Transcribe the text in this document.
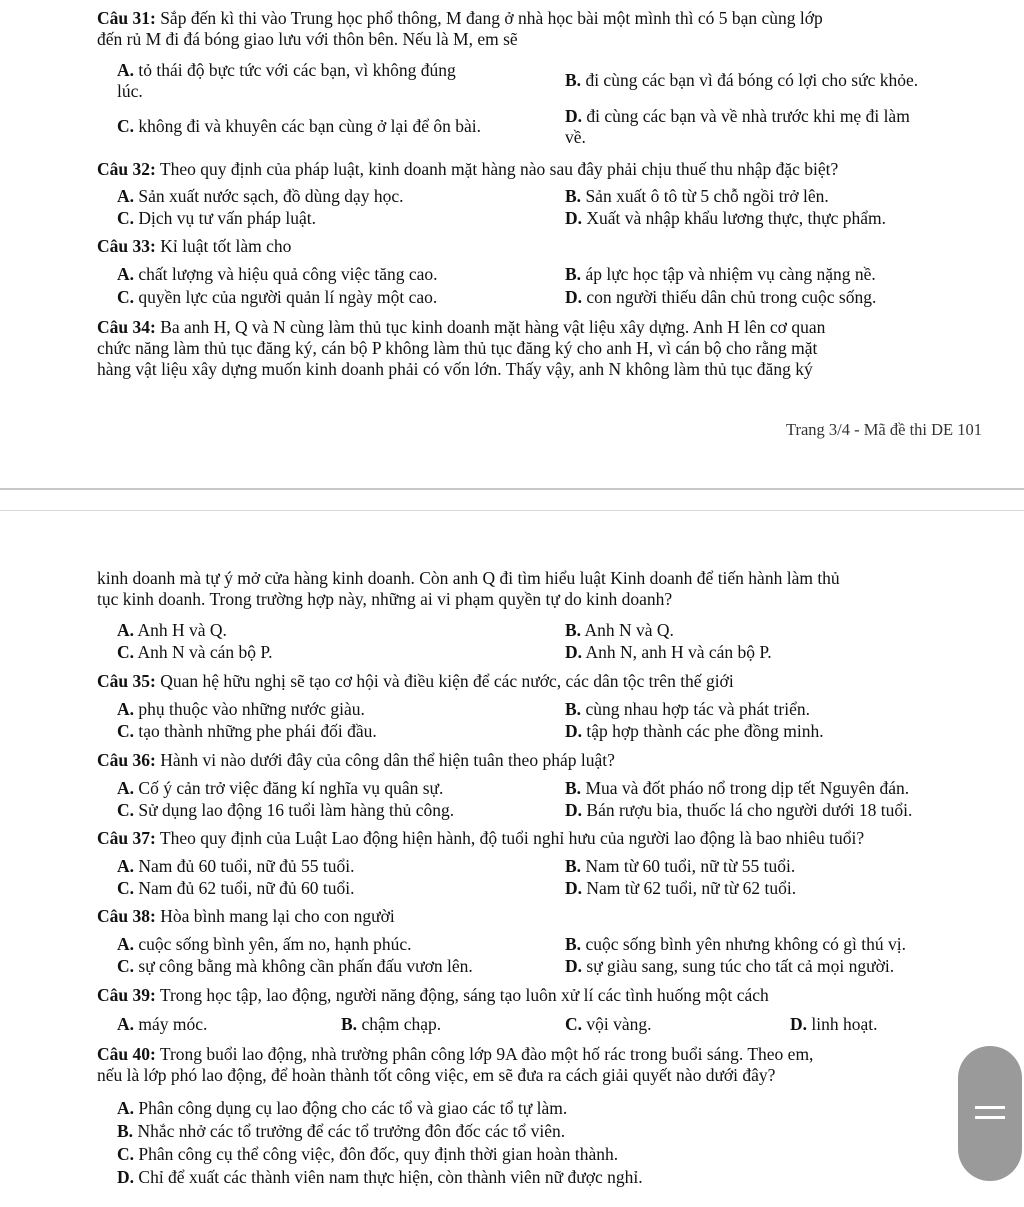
Câu 31: Sắp đến kì thi vào Trung học phổ thông, M đang ở nhà học bài một mình thì có 5 bạn cùng lớp
đến rủ M đi đá bóng giao lưu với thôn bên. Nếu là M, em sẽ
A. tỏ thái độ bực tức với các bạn, vì không đúng
lúc.
B. đi cùng các bạn vì đá bóng có lợi cho sức khỏe.
C. không đi và khuyên các bạn cùng ở lại để ôn bài.	D. đi cùng các bạn và về nhà trước khi mẹ đi làm
về.
Câu 32: Theo quy định của pháp luật, kinh doanh mặt hàng nào sau đây phải chịu thuế thu nhập đặc biệt?
A. Sản xuất nước sạch, đồ dùng dạy học.	B. Sản xuất ô tô từ 5 chỗ ngồi trở lên.
C. Dịch vụ tư vấn pháp luật.	D. Xuất và nhập khẩu lương thực, thực phẩm.
Câu 33: Kỉ luật tốt làm cho
A. chất lượng và hiệu quả công việc tăng cao.	B. áp lực học tập và nhiệm vụ càng nặng nề.
C. quyền lực của người quản lí ngày một cao.	D. con người thiếu dân chủ trong cuộc sống.
Câu 34: Ba anh H, Q và N cùng làm thủ tục kinh doanh mặt hàng vật liệu xây dựng. Anh H lên cơ quan
chức năng làm thủ tục đăng ký, cán bộ P không làm thủ tục đăng ký cho anh H, vì cán bộ cho rằng mặt
hàng vật liệu xây dựng muốn kinh doanh phải có vốn lớn. Thấy vậy, anh N không làm thủ tục đăng ký
Trang 3/4 - Mã đề thi DE 101
kinh doanh mà tự ý mở cửa hàng kinh doanh. Còn anh Q đi tìm hiểu luật Kinh doanh để tiến hành làm thủ
tục kinh doanh. Trong trường hợp này, những ai vi phạm quyền tự do kinh doanh?
A. Anh H và Q.	B. Anh N và Q.
C. Anh N và cán bộ P.	D. Anh N, anh H và cán bộ P.
Câu 35: Quan hệ hữu nghị sẽ tạo cơ hội và điều kiện để các nước, các dân tộc trên thế giới
A. phụ thuộc vào những nước giàu.	B. cùng nhau hợp tác và phát triển.
C. tạo thành những phe phái đối đầu.	D. tập hợp thành các phe đồng minh.
Câu 36: Hành vi nào dưới đây của công dân thể hiện tuân theo pháp luật?
A. Cố ý cản trở việc đăng kí nghĩa vụ quân sự.	B. Mua và đốt pháo nổ trong dịp tết Nguyên đán.
C. Sử dụng lao động 16 tuổi làm hàng thủ công.	D. Bán rượu bia, thuốc lá cho người dưới 18 tuổi.
Câu 37: Theo quy định của Luật Lao động hiện hành, độ tuổi nghỉ hưu của người lao động là bao nhiêu tuổi?
A. Nam đủ 60 tuổi, nữ đủ 55 tuổi.	B. Nam từ 60 tuổi, nữ từ 55 tuổi.
C. Nam đủ 62 tuổi, nữ đủ 60 tuổi.	D. Nam từ 62 tuổi, nữ từ 62 tuổi.
Câu 38: Hòa bình mang lại cho con người
A. cuộc sống bình yên, ấm no, hạnh phúc.	B. cuộc sống bình yên nhưng không có gì thú vị.
C. sự công bằng mà không cần phấn đấu vươn lên.	D. sự giàu sang, sung túc cho tất cả mọi người.
Câu 39: Trong học tập, lao động, người năng động, sáng tạo luôn xử lí các tình huống một cách
A. máy móc.	B. chậm chạp.	C. vội vàng.	D. linh hoạt.
Câu 40: Trong buổi lao động, nhà trường phân công lớp 9A đào một hố rác trong buổi sáng. Theo em,
nếu là lớp phó lao động, để hoàn thành tốt công việc, em sẽ đưa ra cách giải quyết nào dưới đây?
A. Phân công dụng cụ lao động cho các tổ và giao các tổ tự làm.
B. Nhắc nhở các tổ trưởng để các tổ trưởng đôn đốc các tổ viên.
C. Phân công cụ thể công việc, đôn đốc, quy định thời gian hoàn thành.
D. Chỉ để xuất các thành viên nam thực hiện, còn thành viên nữ được nghỉ.
